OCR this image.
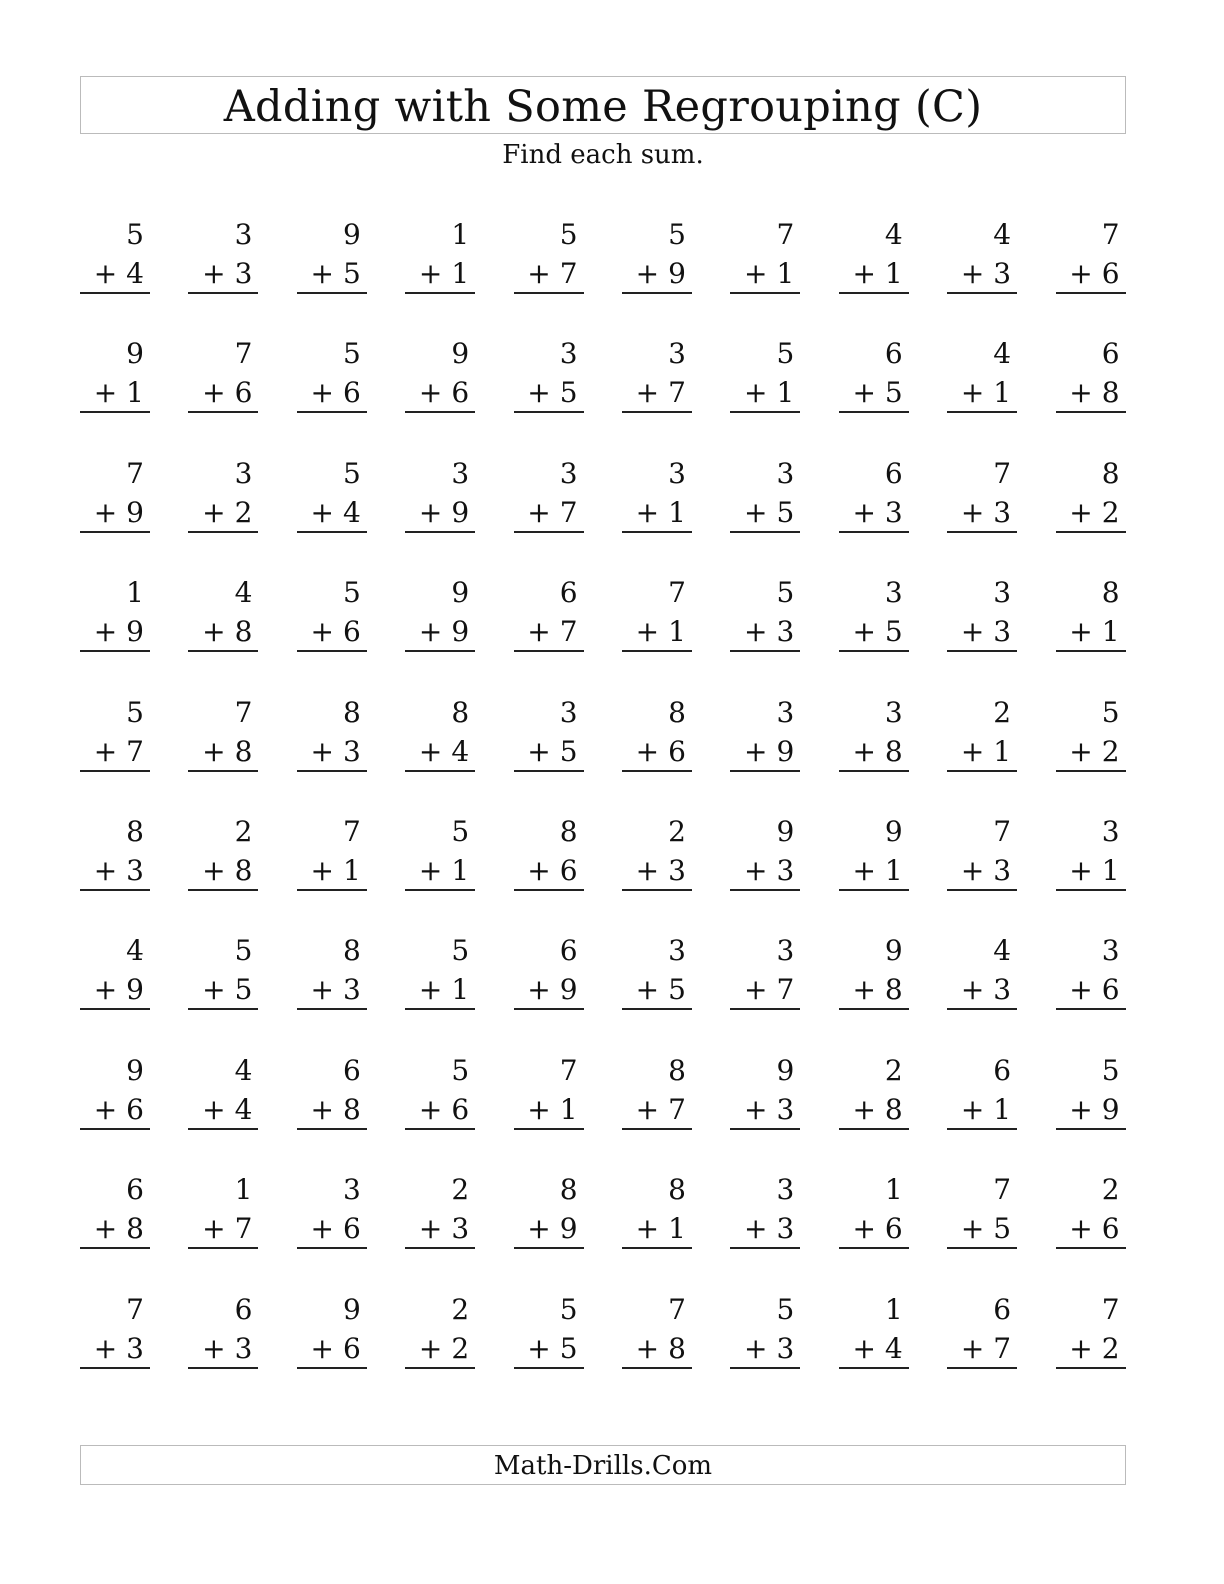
Adding with Some Regrouping (C)
Find each sum.
5
+ 4
3
+ 3
9
+ 5
1
+ 1
5
+ 7
5
+ 9
7
+ 1
4
+ 1
4
+ 3
7
+ 6
9
+ 1
7
+ 6
5
+ 6
9
+ 6
3
+ 5
3
+ 7
5
+ 1
6
+ 5
4
+ 1
6
+ 8
7
+ 9
3
+ 2
5
+ 4
3
+ 9
3
+ 7
3
+ 1
3
+ 5
6
+ 3
7
+ 3
8
+ 2
1
+ 9
4
+ 8
5
+ 6
9
+ 9
6
+ 7
7
+ 1
5
+ 3
3
+ 5
3
+ 3
8
+ 1
5
+ 7
7
+ 8
8
+ 3
8
+ 4
3
+ 5
8
+ 6
3
+ 9
3
+ 8
2
+ 1
5
+ 2
8
+ 3
2
+ 8
7
+ 1
5
+ 1
8
+ 6
2
+ 3
9
+ 3
9
+ 1
7
+ 3
3
+ 1
4
+ 9
5
+ 5
8
+ 3
5
+ 1
6
+ 9
3
+ 5
3
+ 7
9
+ 8
4
+ 3
3
+ 6
9
+ 6
4
+ 4
6
+ 8
5
+ 6
7
+ 1
8
+ 7
9
+ 3
2
+ 8
6
+ 1
5
+ 9
6
+ 8
1
+ 7
3
+ 6
2
+ 3
8
+ 9
8
+ 1
3
+ 3
1
+ 6
7
+ 5
2
+ 6
7
+ 3
6
+ 3
9
+ 6
2
+ 2
5
+ 5
7
+ 8
5
+ 3
1
+ 4
6
+ 7
7
+ 2
Math-Drills.Com
